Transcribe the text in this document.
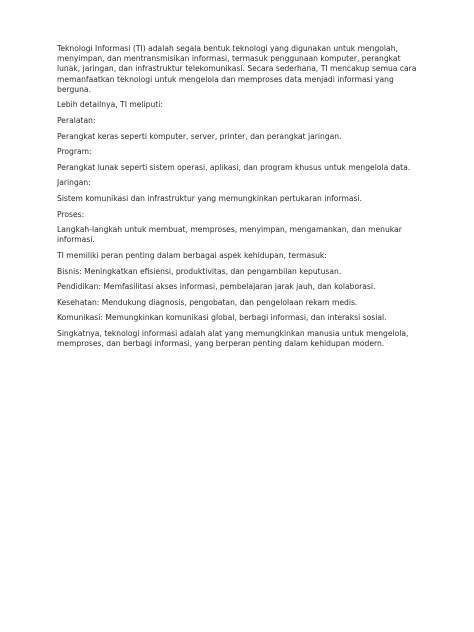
Teknologi Informasi (TI) adalah segala bentuk teknologi yang digunakan untuk mengolah, menyimpan, dan mentransmisikan informasi, termasuk penggunaan komputer, perangkat lunak, jaringan, dan infrastruktur telekomunikasi. Secara sederhana, TI mencakup semua cara memanfaatkan teknologi untuk mengelola dan memproses data menjadi informasi yang berguna.

Lebih detailnya, TI meliputi:

Peralatan:

Perangkat keras seperti komputer, server, printer, dan perangkat jaringan.

Program:

Perangkat lunak seperti sistem operasi, aplikasi, dan program khusus untuk mengelola data.

Jaringan:

Sistem komunikasi dan infrastruktur yang memungkinkan pertukaran informasi.

Proses:

Langkah-langkah untuk membuat, memproses, menyimpan, mengamankan, dan menukar informasi.

TI memiliki peran penting dalam berbagai aspek kehidupan, termasuk:

Bisnis: Meningkatkan efisiensi, produktivitas, dan pengambilan keputusan.

Pendidikan: Memfasilitasi akses informasi, pembelajaran jarak jauh, dan kolaborasi.

Kesehatan: Mendukung diagnosis, pengobatan, dan pengelolaan rekam medis.

Komunikasi: Memungkinkan komunikasi global, berbagi informasi, dan interaksi sosial.

Singkatnya, teknologi informasi adalah alat yang memungkinkan manusia untuk mengelola, memproses, dan berbagi informasi, yang berperan penting dalam kehidupan modern.
